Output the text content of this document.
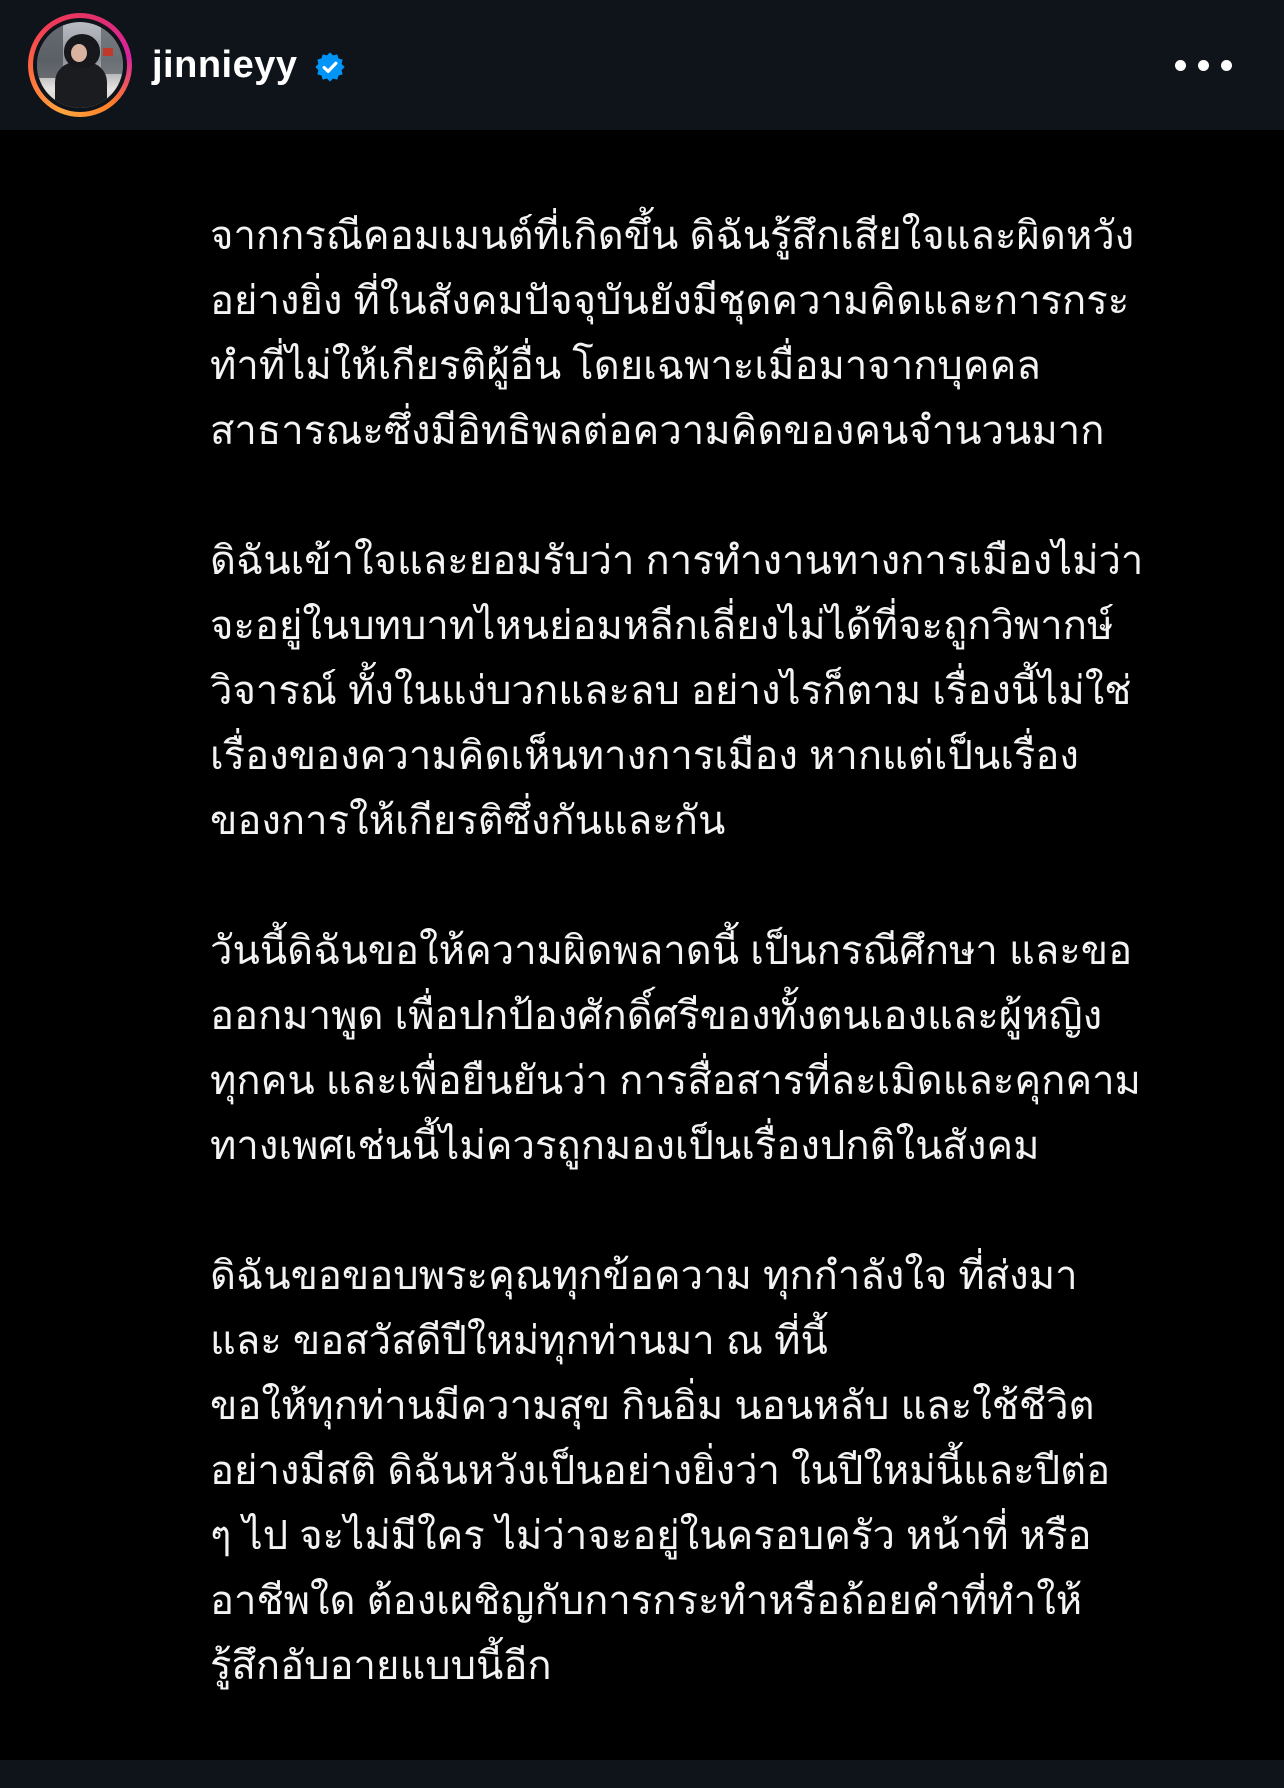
jinnieyy

จากกรณีคอมเมนต์ที่เกิดขึ้น ดิฉันรู้สึกเสียใจและผิดหวัง
อย่างยิ่ง ที่ในสังคมปัจจุบันยังมีชุดความคิดและการกระ
ทำที่ไม่ให้เกียรติผู้อื่น โดยเฉพาะเมื่อมาจากบุคคล
สาธารณะซึ่งมีอิทธิพลต่อความคิดของคนจำนวนมาก

ดิฉันเข้าใจและยอมรับว่า การทำงานทางการเมืองไม่ว่า
จะอยู่ในบทบาทไหนย่อมหลีกเลี่ยงไม่ได้ที่จะถูกวิพากษ์
วิจารณ์ ทั้งในแง่บวกและลบ อย่างไรก็ตาม เรื่องนี้ไม่ใช่
เรื่องของความคิดเห็นทางการเมือง หากแต่เป็นเรื่อง
ของการให้เกียรติซึ่งกันและกัน

วันนี้ดิฉันขอให้ความผิดพลาดนี้ เป็นกรณีศึกษา และขอ
ออกมาพูด เพื่อปกป้องศักดิ์ศรีของทั้งตนเองและผู้หญิง
ทุกคน และเพื่อยืนยันว่า การสื่อสารที่ละเมิดและคุกคาม
ทางเพศเช่นนี้ไม่ควรถูกมองเป็นเรื่องปกติในสังคม

ดิฉันขอขอบพระคุณทุกข้อความ ทุกกำลังใจ ที่ส่งมา
และ ขอสวัสดีปีใหม่ทุกท่านมา ณ ที่นี้
ขอให้ทุกท่านมีความสุข กินอิ่ม นอนหลับ และใช้ชีวิต
อย่างมีสติ ดิฉันหวังเป็นอย่างยิ่งว่า ในปีใหม่นี้และปีต่อ
ๆ ไป จะไม่มีใคร ไม่ว่าจะอยู่ในครอบครัว หน้าที่ หรือ
อาชีพใด ต้องเผชิญกับการกระทำหรือถ้อยคำที่ทำให้
รู้สึกอับอายแบบนี้อีก
